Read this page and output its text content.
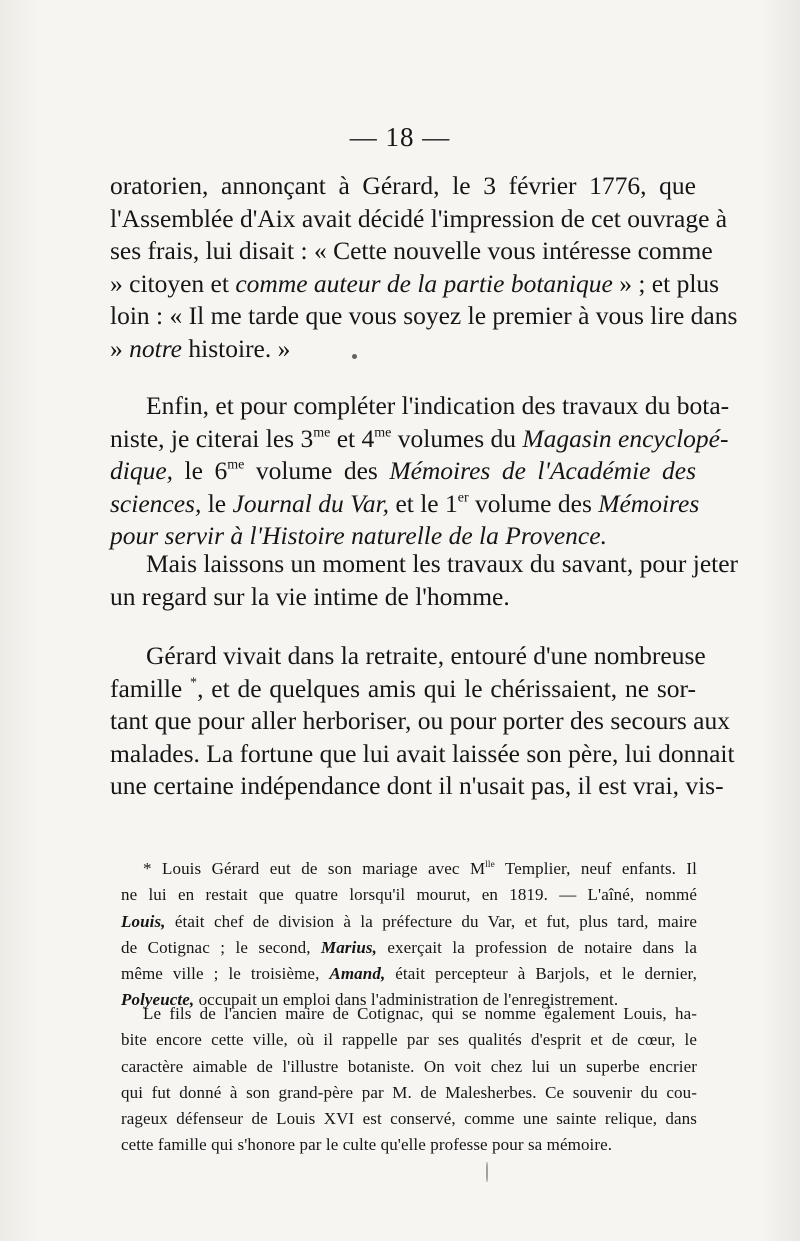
— 18 —
oratorien, annonçant à Gérard, le 3 février 1776, que
l'Assemblée d'Aix avait décidé l'impression de cet ouvrage à
ses frais, lui disait : « Cette nouvelle vous intéresse comme
» citoyen et comme auteur de la partie botanique » ; et plus
loin : « Il me tarde que vous soyez le premier à vous lire dans
» notre histoire. »
Enfin, et pour compléter l'indication des travaux du bota-
niste, je citerai les $3^{me}$ et $4^{me}$ volumes du Magasin encyclopé-
dique, le $6^{me}$ volume des Mémoires de l'Académie des
sciences, le Journal du Var, et le 1er volume des Mémoires
pour servir à l'Histoire naturelle de la Provence.
Mais laissons un moment les travaux du savant, pour jeter
un regard sur la vie intime de l'homme.
Gérard vivait dans la retraite, entouré d'une nombreuse
famille *, et de quelques amis qui le chérissaient, ne sor-
tant que pour aller herboriser, ou pour porter des secours aux
malades. La fortune que lui avait laissée son père, lui donnait
une certaine indépendance dont il n'usait pas, il est vrai, vis-
* Louis Gérard eut de son mariage avec $M^{lle}$ Templier, neuf enfants. Il
ne lui en restait que quatre lorsqu'il mourut, en 1819. — L'aîné, nommé
Louis, était chef de division à la préfecture du Var, et fut, plus tard, maire
de Cotignac ; le second, Marius, exerçait la profession de notaire dans la
même ville ; le troisième, Amand, était percepteur à Barjols, et le dernier,
Polyeucte, occupait un emploi dans l'administration de l'enregistrement.
Le fils de l'ancien maire de Cotignac, qui se nomme également Louis, ha-
bite encore cette ville, où il rappelle par ses qualités d'esprit et de cœur, le
caractère aimable de l'illustre botaniste. On voit chez lui un superbe encrier
qui fut donné à son grand-père par M. de Malesherbes. Ce souvenir du cou-
rageux défenseur de Louis XVI est conservé, comme une sainte relique, dans
cette famille qui s'honore par le culte qu'elle professe pour sa mémoire.
